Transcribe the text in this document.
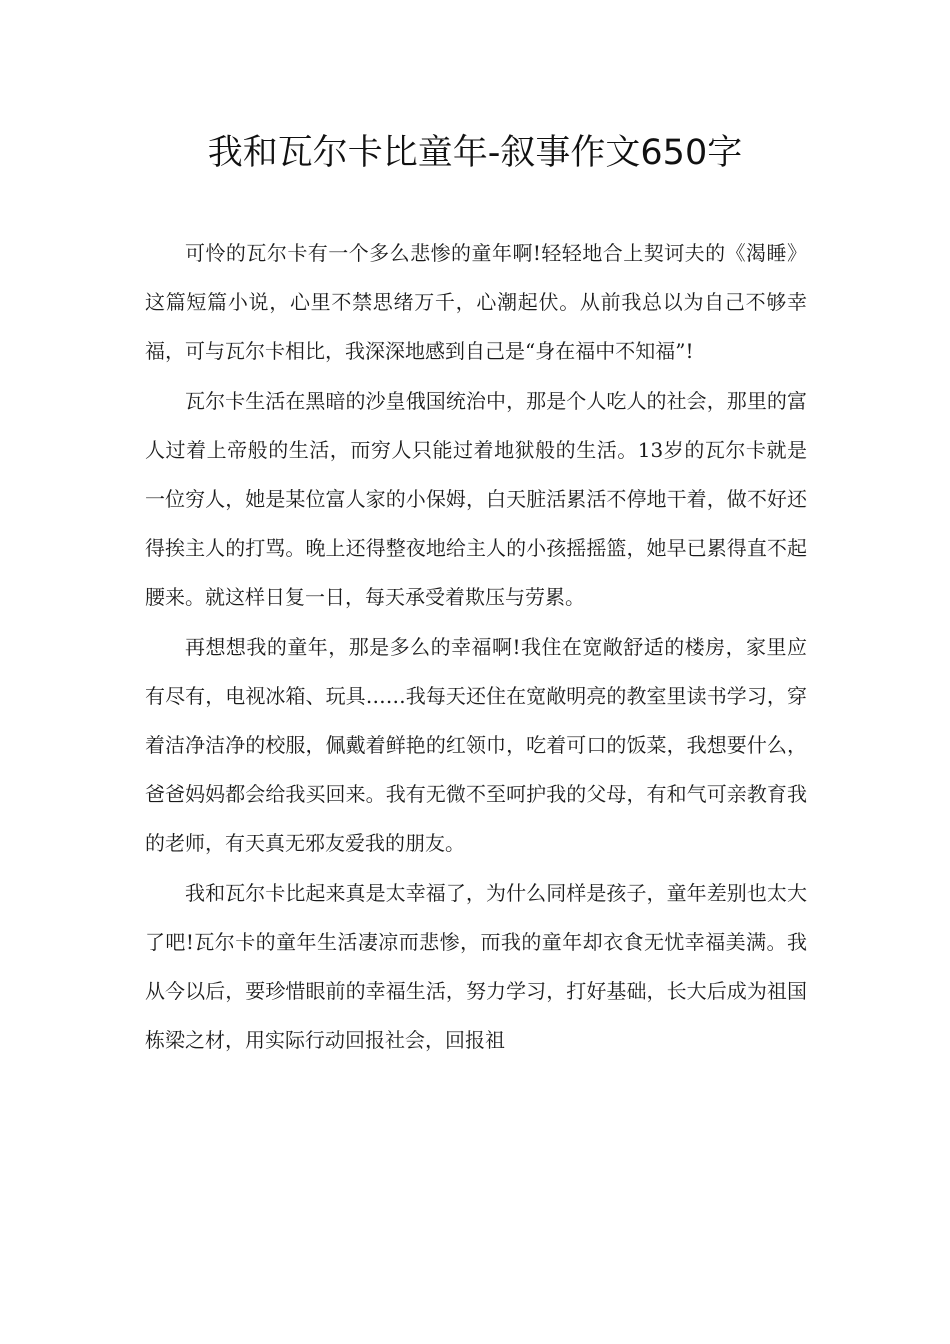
我和瓦尔卡比童年-叙事作文650字

可怜的瓦尔卡有一个多么悲惨的童年啊!轻轻地合上契诃夫的《渴睡》这篇短篇小说，心里不禁思绪万千，心潮起伏。从前我总以为自己不够幸福，可与瓦尔卡相比，我深深地感到自己是“身在福中不知福”!

瓦尔卡生活在黑暗的沙皇俄国统治中，那是个人吃人的社会，那里的富人过着上帝般的生活，而穷人只能过着地狱般的生活。13岁的瓦尔卡就是一位穷人，她是某位富人家的小保姆，白天脏活累活不停地干着，做不好还得挨主人的打骂。晚上还得整夜地给主人的小孩摇摇篮，她早已累得直不起腰来。就这样日复一日，每天承受着欺压与劳累。

再想想我的童年，那是多么的幸福啊!我住在宽敞舒适的楼房，家里应有尽有，电视冰箱、玩具……我每天还住在宽敞明亮的教室里读书学习，穿着洁净洁净的校服，佩戴着鲜艳的红领巾，吃着可口的饭菜，我想要什么，爸爸妈妈都会给我买回来。我有无微不至呵护我的父母，有和气可亲教育我的老师，有天真无邪友爱我的朋友。

我和瓦尔卡比起来真是太幸福了，为什么同样是孩子，童年差别也太大了吧!瓦尔卡的童年生活凄凉而悲惨，而我的童年却衣食无忧幸福美满。我从今以后，要珍惜眼前的幸福生活，努力学习，打好基础，长大后成为祖国栋梁之材，用实际行动回报社会，回报祖
